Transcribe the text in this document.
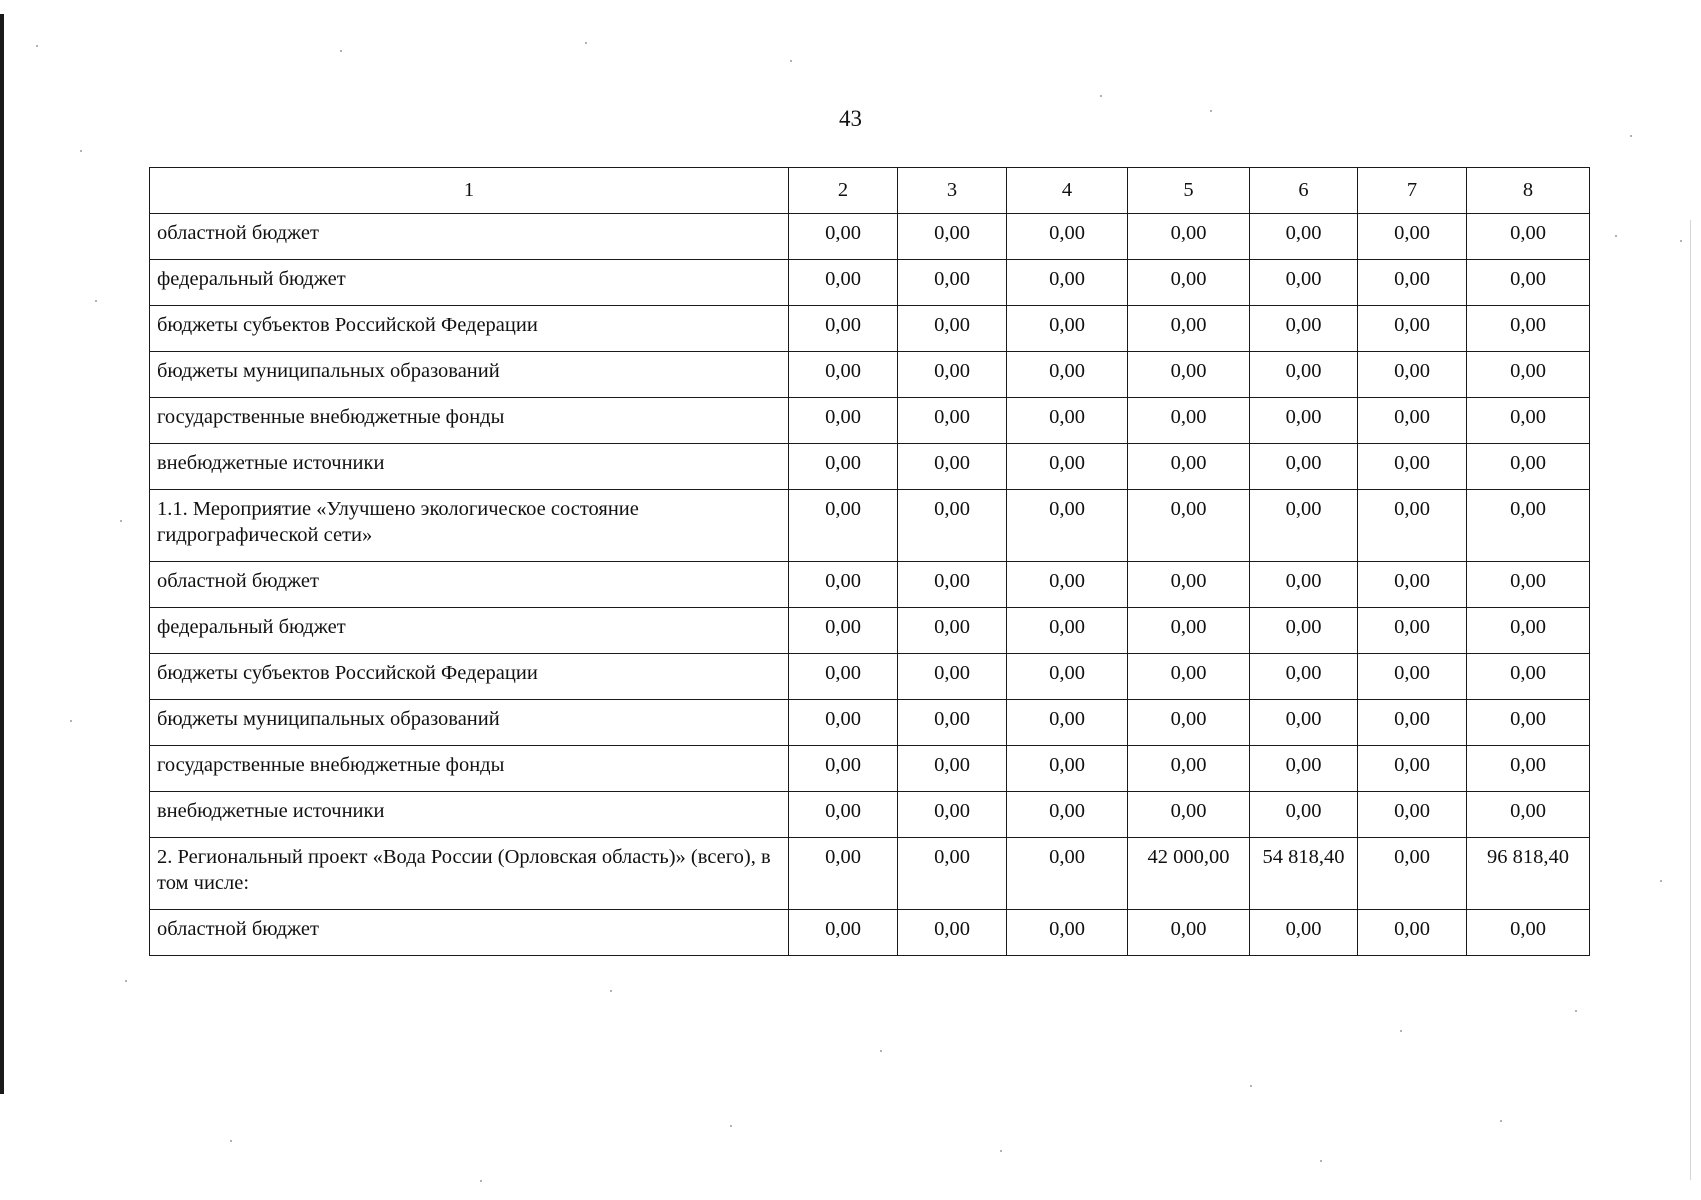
43
1	2	3	4	5	6	7	8
областной бюджет	0,00	0,00	0,00	0,00	0,00	0,00	0,00
федеральный бюджет	0,00	0,00	0,00	0,00	0,00	0,00	0,00
бюджеты субъектов Российской Федерации	0,00	0,00	0,00	0,00	0,00	0,00	0,00
бюджеты муниципальных образований	0,00	0,00	0,00	0,00	0,00	0,00	0,00
государственные внебюджетные фонды	0,00	0,00	0,00	0,00	0,00	0,00	0,00
внебюджетные источники	0,00	0,00	0,00	0,00	0,00	0,00	0,00
1.1. Мероприятие «Улучшено экологическое состояние гидрографической сети»	0,00	0,00	0,00	0,00	0,00	0,00	0,00
областной бюджет	0,00	0,00	0,00	0,00	0,00	0,00	0,00
федеральный бюджет	0,00	0,00	0,00	0,00	0,00	0,00	0,00
бюджеты субъектов Российской Федерации	0,00	0,00	0,00	0,00	0,00	0,00	0,00
бюджеты муниципальных образований	0,00	0,00	0,00	0,00	0,00	0,00	0,00
государственные внебюджетные фонды	0,00	0,00	0,00	0,00	0,00	0,00	0,00
внебюджетные источники	0,00	0,00	0,00	0,00	0,00	0,00	0,00
2. Региональный проект «Вода России (Орловская область)» (всего), в том числе:	0,00	0,00	0,00	42 000,00	54 818,40	0,00	96 818,40
областной бюджет	0,00	0,00	0,00	0,00	0,00	0,00	0,00
